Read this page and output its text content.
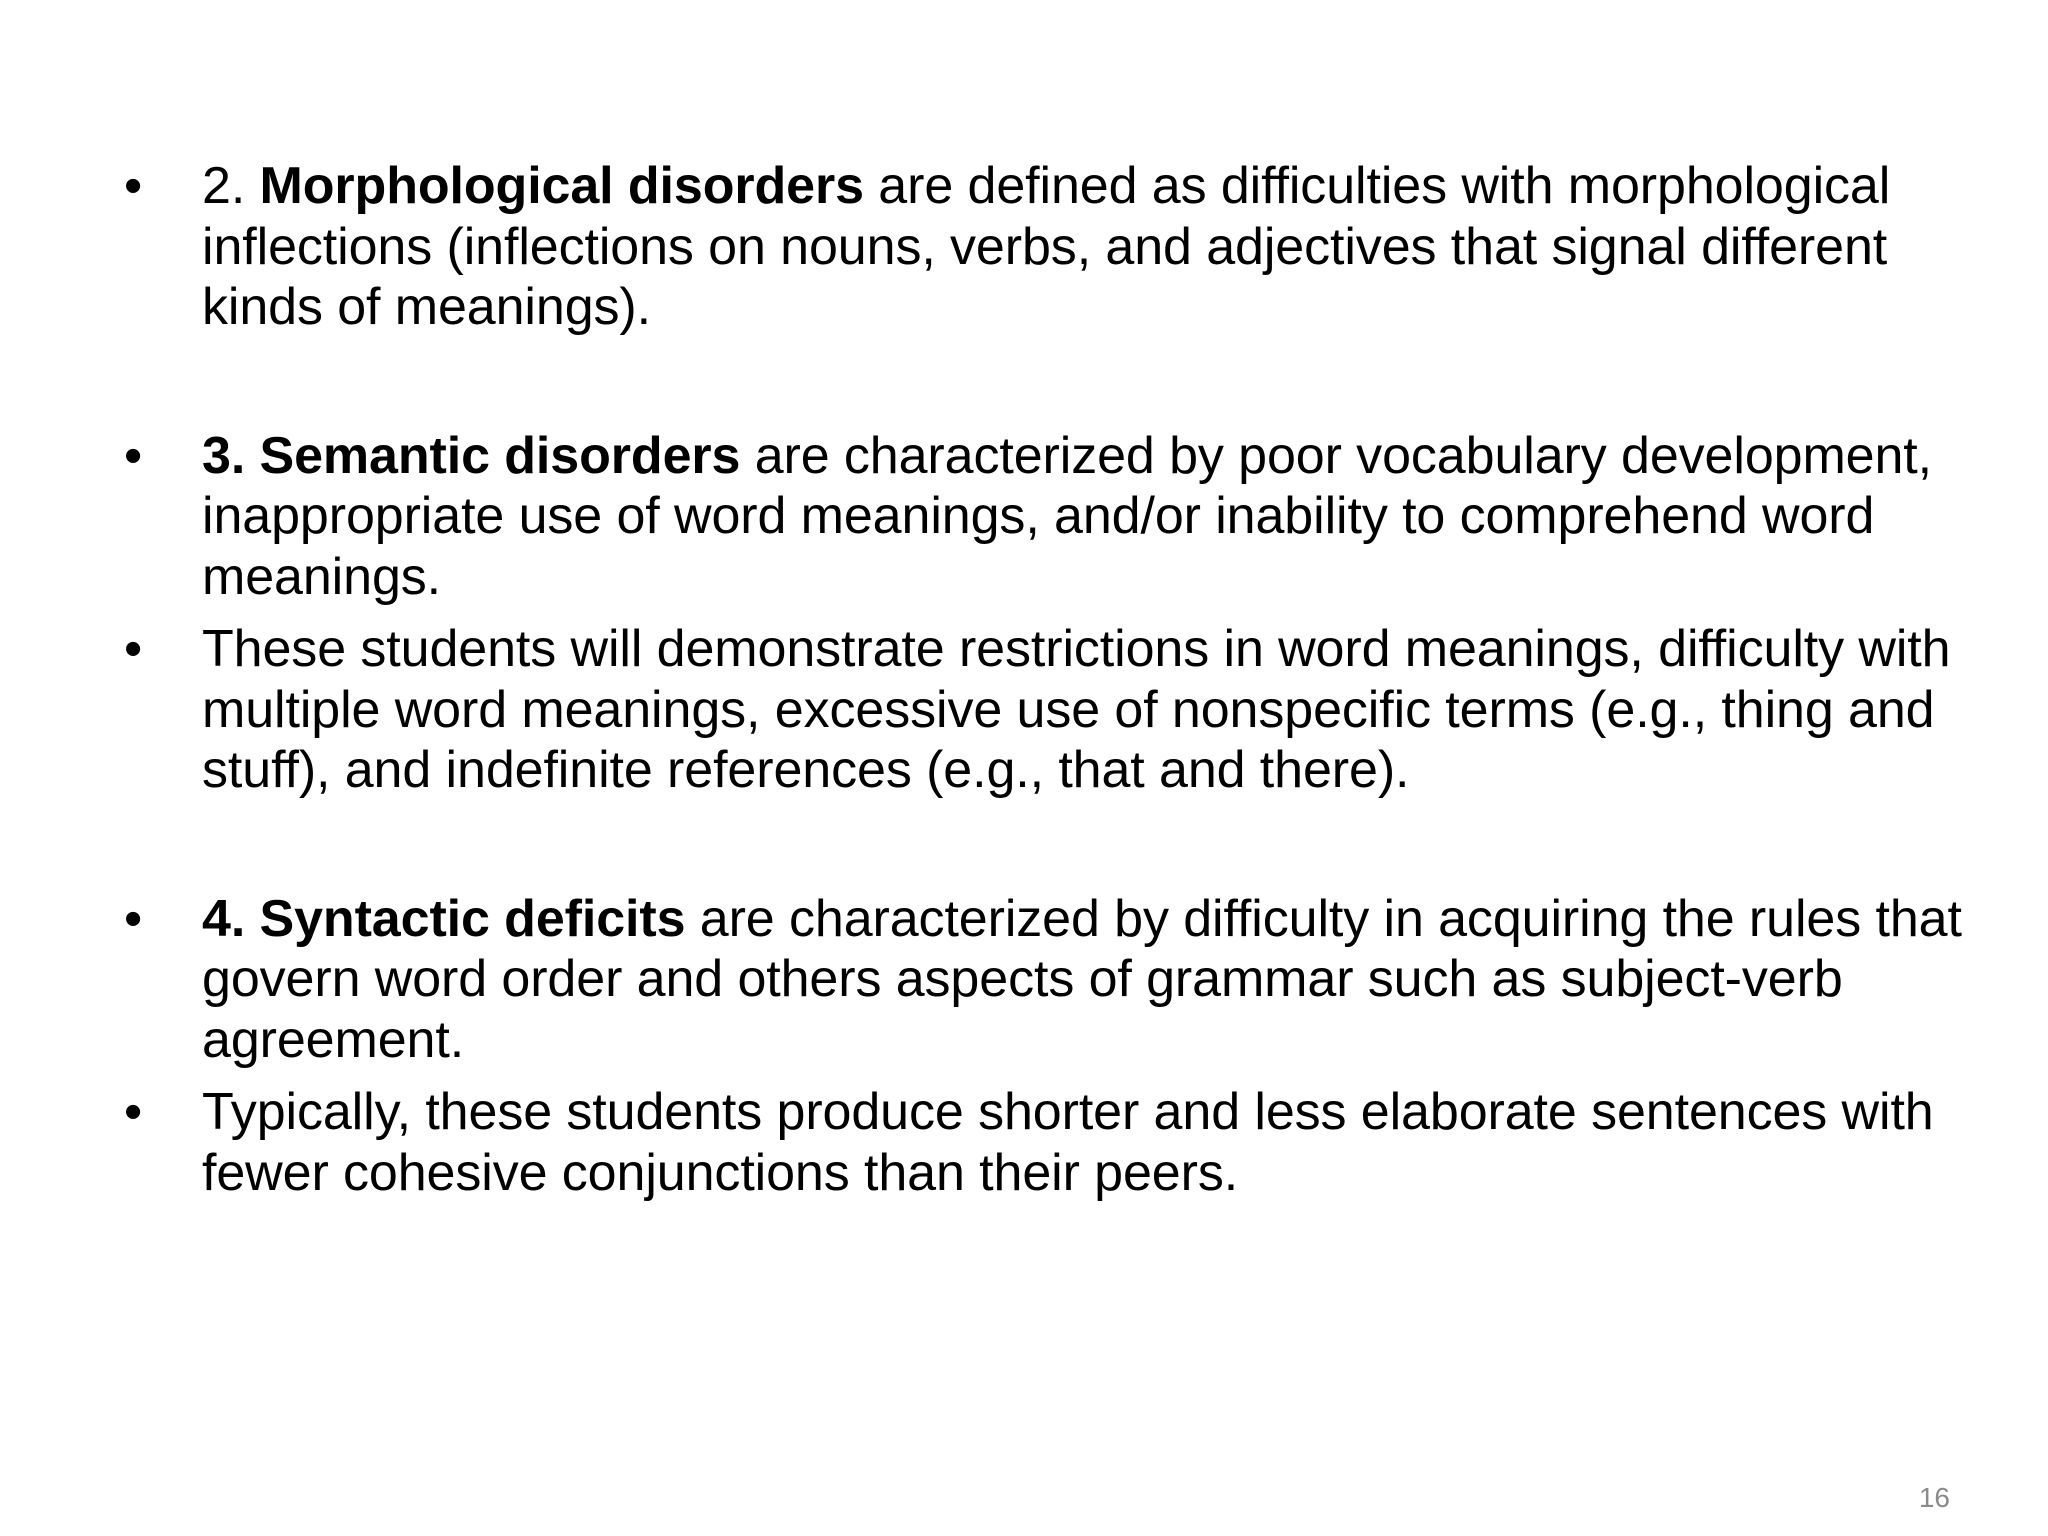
• 2. Morphological disorders are defined as difficulties with morphological inflections (inflections on nouns, verbs, and adjectives that signal different kinds of meanings).
• 3. Semantic disorders are characterized by poor vocabulary development, inappropriate use of word meanings, and/or inability to comprehend word meanings.
• These students will demonstrate restrictions in word meanings, difficulty with multiple word meanings, excessive use of nonspecific terms (e.g., thing and stuff), and indefinite references (e.g., that and there).
• 4. Syntactic deficits are characterized by difficulty in acquiring the rules that govern word order and others aspects of grammar such as subject-verb agreement.
• Typically, these students produce shorter and less elaborate sentences with fewer cohesive conjunctions than their peers.
16
